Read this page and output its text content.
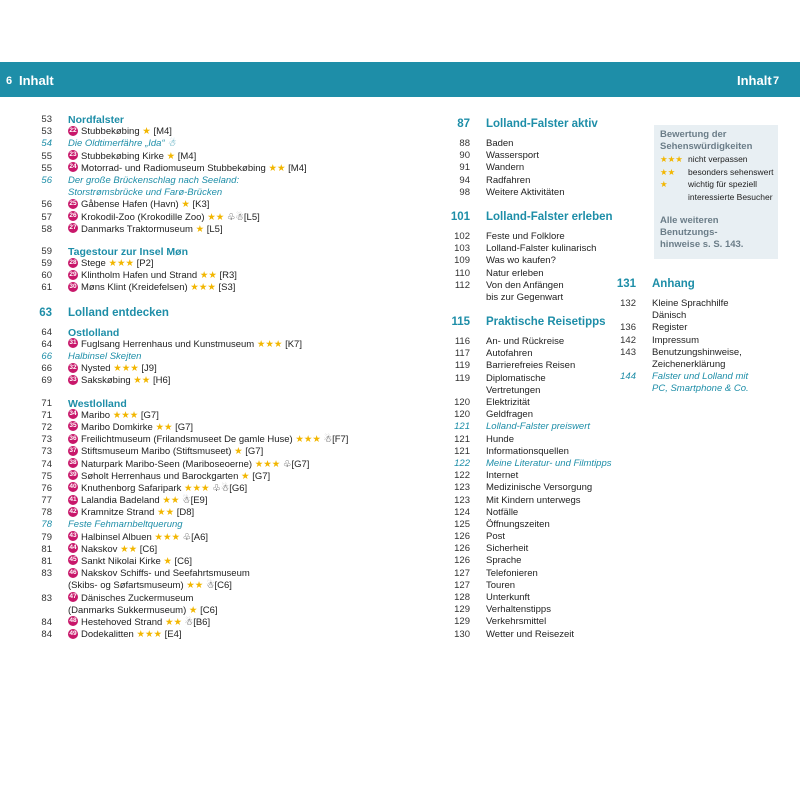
6 Inhalt	Inhalt 7
53 Nordfalster
53	22 Stubbekøbing ★ [M4]
54 Die Oldtimerfähre „Ida“ ☃
55	23 Stubbekøbing Kirke ★ [M4]
55	24 Motorrad- und Radiomuseum Stubbekøbing ★★ [M4]
56 Der große Brückenschlag nach Seeland:
Storstrømsbrücke und Farø-Brücken
56	25 Gåbense Hafen (Havn) ★ [K3]
57	26 Krokodil-Zoo (Krokodille Zoo) ★★ ♧☃[L5]
58	27 Danmarks Traktormuseum ★ [L5]
59 Tagestour zur Insel Møn
59	28 Stege ★★★ [P2]
60	29 Klintholm Hafen und Strand ★★ [R3]
61	30 Møns Klint (Kreidefelsen) ★★★ [S3]
63 Lolland entdecken
64 Ostlolland
64	31 Fuglsang Herrenhaus und Kunstmuseum ★★★ [K7]
66 Halbinsel Skejten
66	32 Nysted ★★★ [J9]
69	33 Sakskøbing ★★ [H6]
71 Westlolland
71	34 Maribo ★★★ [G7]
72	35 Maribo Domkirke ★★ [G7]
73	36 Freilichtmuseum (Frilandsmuseet De gamle Huse) ★★★ ☃[F7]
73	37 Stiftsmuseum Maribo (Stiftsmuseet) ★ [G7]
74	38 Naturpark Maribo-Seen (Mariboseoerne) ★★★ ♧[G7]
75	39 Søholt Herrenhaus und Barockgarten ★ [G7]
76	40 Knuthenborg Safaripark ★★★ ♧☃[G6]
77	41 Lalandia Badeland ★★ ☃[E9]
78	42 Kramnitze Strand ★★ [D8]
78 Feste Fehmarnbeltquerung
79	43 Halbinsel Albuen ★★★ ♧[A6]
81	44 Nakskov ★★ [C6]
81	45 Sankt Nikolai Kirke ★ [C6]
83	46 Nakskov Schiffs- und Seefahrtsmuseum
(Skibs- og Søfartsmuseum) ★★ ☃[C6]
83	47 Dänisches Zuckermuseum
(Danmarks Sukkermuseum) ★ [C6]
84	48 Hestehoved Strand ★★ ☃[B6]
84	49 Dodekalitten ★★★ [E4]
87 Lolland-Falster aktiv
88 Baden
90 Wassersport
91 Wandern
94 Radfahren
98 Weitere Aktivitäten
101 Lolland-Falster erleben
102 Feste und Folklore
103 Lolland-Falster kulinarisch
109 Was wo kaufen?
110 Natur erleben
112 Von den Anfängen
bis zur Gegenwart
115 Praktische Reisetipps
116 An- und Rückreise
117 Autofahren
119 Barrierefreies Reisen
119 Diplomatische
Vertretungen
120 Elektrizität
120 Geldfragen
121 Lolland-Falster preiswert
121 Hunde
121 Informationsquellen
122 Meine Literatur- und Filmtipps
122 Internet
123 Medizinische Versorgung
123 Mit Kindern unterwegs
124 Notfälle
125 Öffnungszeiten
126 Post
126 Sicherheit
126 Sprache
127 Telefonieren
127 Touren
128 Unterkunft
129 Verhaltenstipps
129 Verkehrsmittel
130 Wetter und Reisezeit
131 Anhang
132 Kleine Sprachhilfe
Dänisch
136 Register
142 Impressum
143 Benutzungshinweise,
Zeichenerklärung
144 Falster und Lolland mit
PC, Smartphone & Co.
Bewertung der
Sehenswürdigkeiten
★★★ nicht verpassen
★★ besonders sehenswert
★ wichtig für speziell
interessierte Besucher
Alle weiteren Benutzungs-
hinweise s. S. 143.
